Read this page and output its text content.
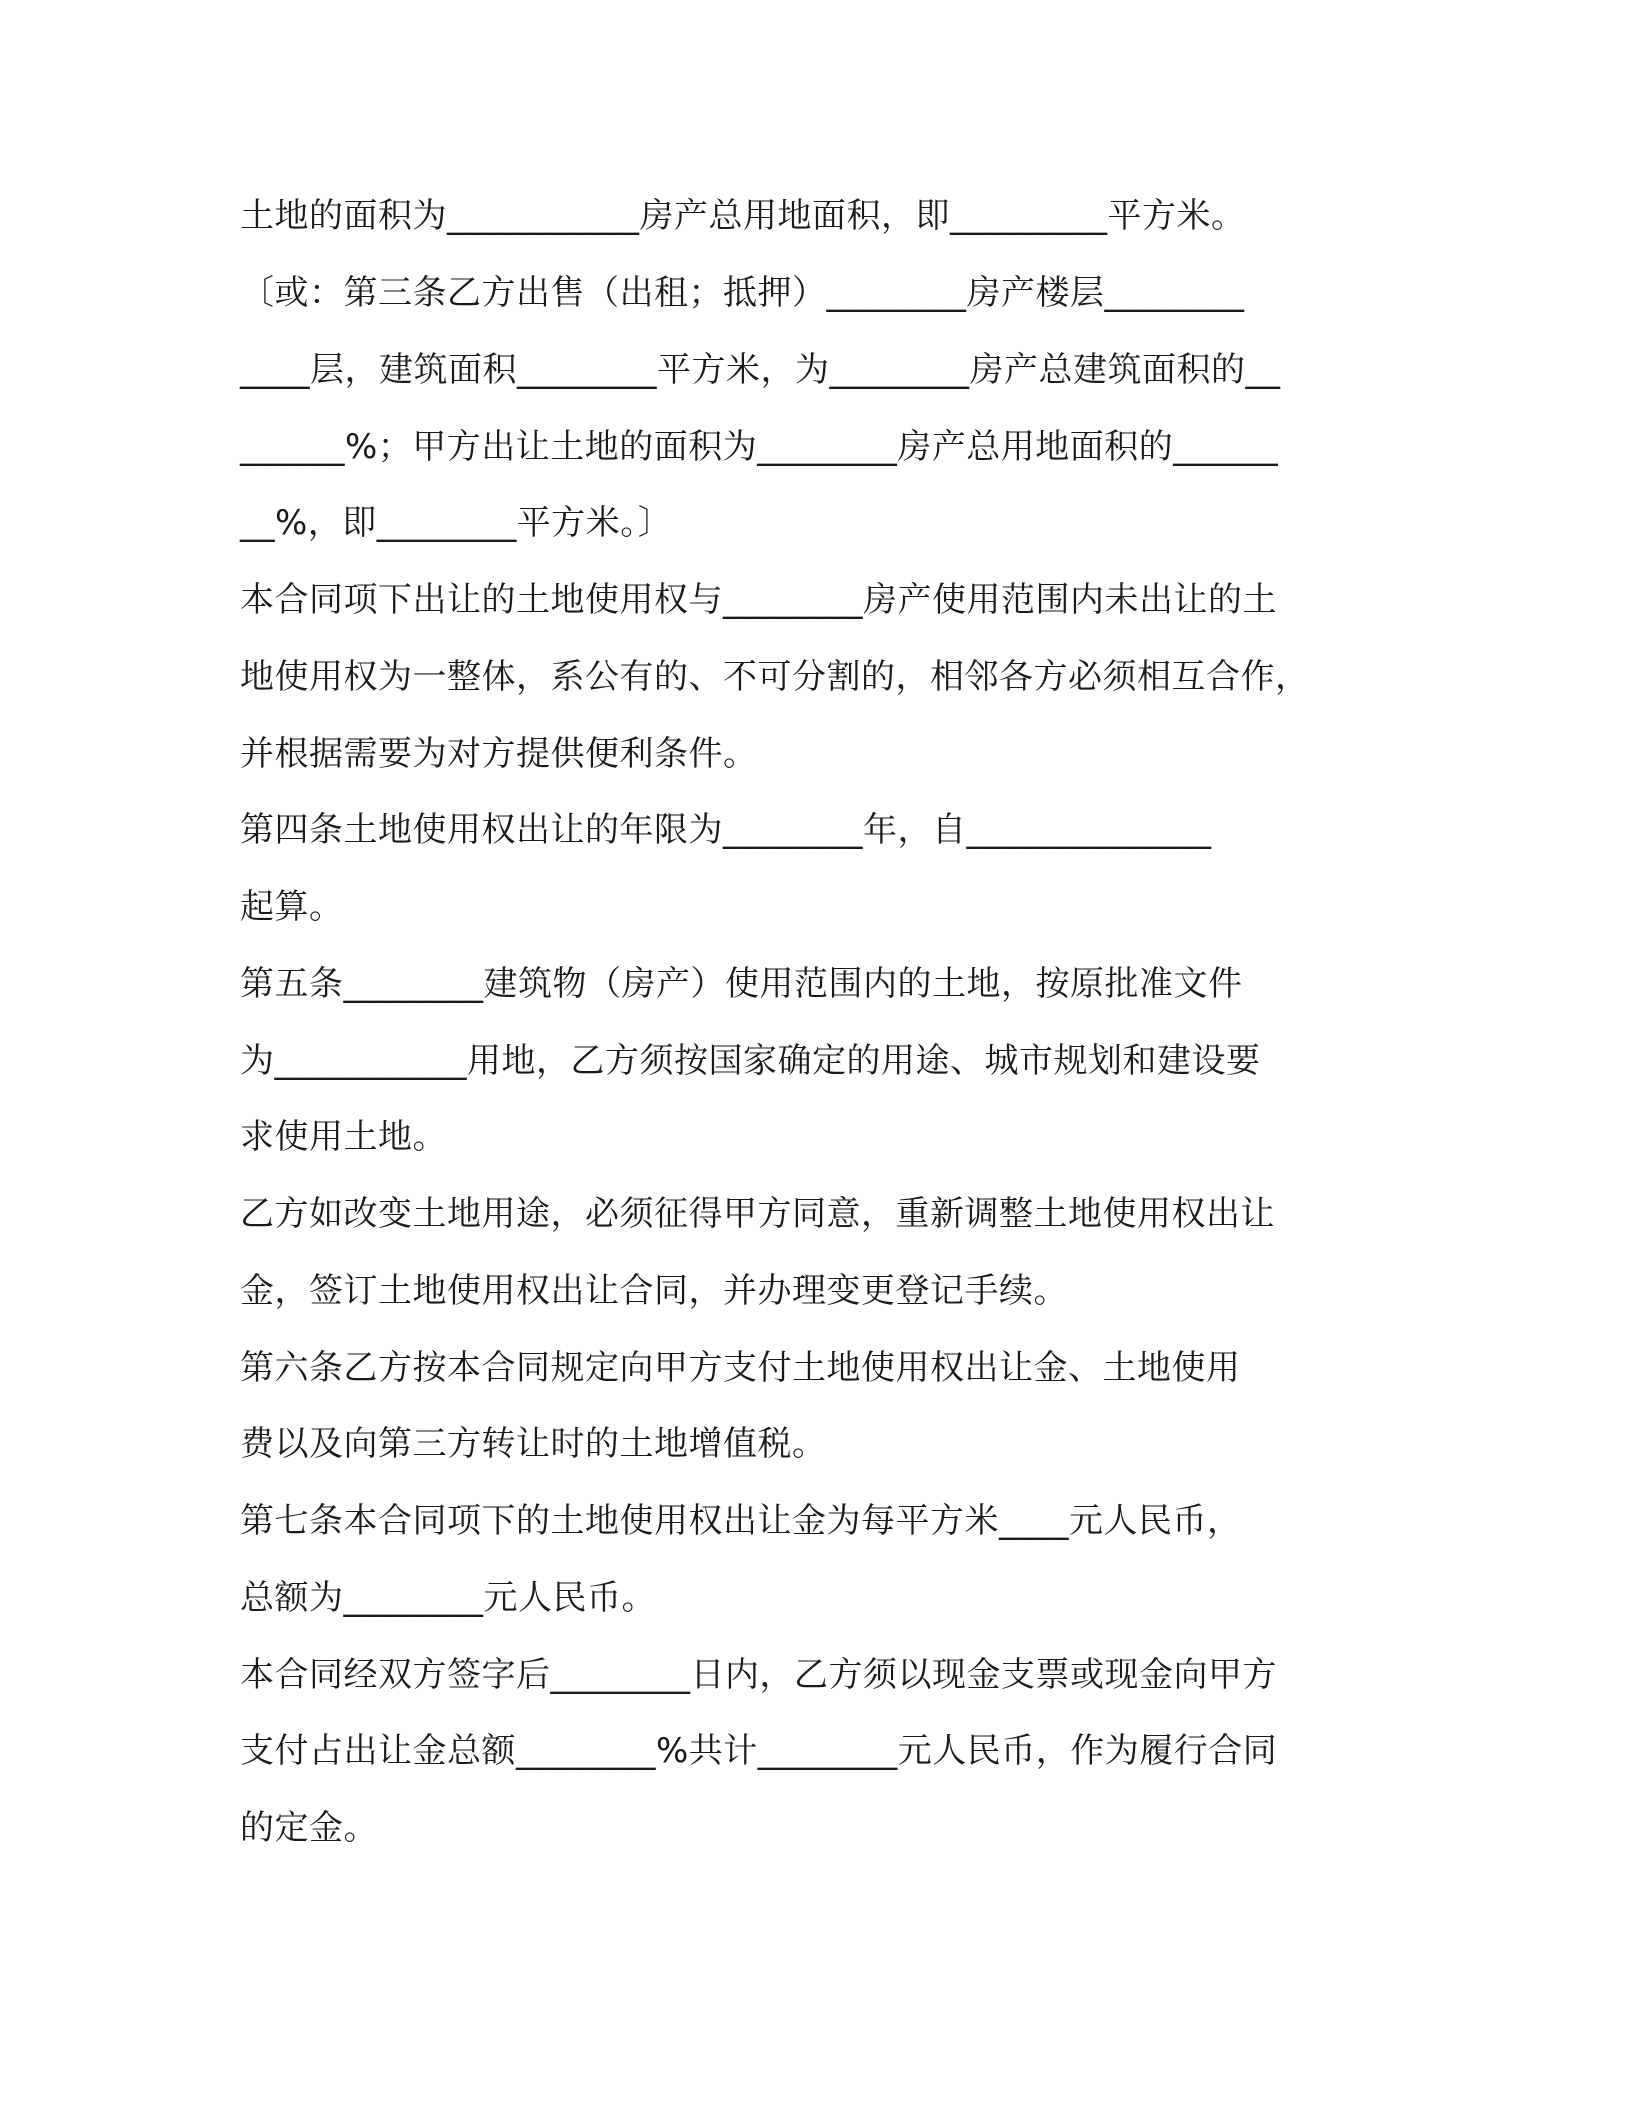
土地的面积为___________房产总用地面积，即_________平方米。
〔或：第三条乙方出售（出租；抵押）________房产楼层________
____层，建筑面积________平方米，为________房产总建筑面积的__
______%；甲方出让土地的面积为________房产总用地面积的______
__%，即________平方米。〕
本合同项下出让的土地使用权与________房产使用范围内未出让的土
地使用权为一整体，系公有的、不可分割的，相邻各方必须相互合作，
并根据需要为对方提供便利条件。
第四条土地使用权出让的年限为________年，自______________
起算。
第五条________建筑物（房产）使用范围内的土地，按原批准文件
为___________用地，乙方须按国家确定的用途、城市规划和建设要
求使用土地。
乙方如改变土地用途，必须征得甲方同意，重新调整土地使用权出让
金，签订土地使用权出让合同，并办理变更登记手续。
第六条乙方按本合同规定向甲方支付土地使用权出让金、土地使用
费以及向第三方转让时的土地增值税。
第七条本合同项下的土地使用权出让金为每平方米____元人民币，
总额为________元人民币。
本合同经双方签字后________日内，乙方须以现金支票或现金向甲方
支付占出让金总额________%共计________元人民币，作为履行合同
的定金。
